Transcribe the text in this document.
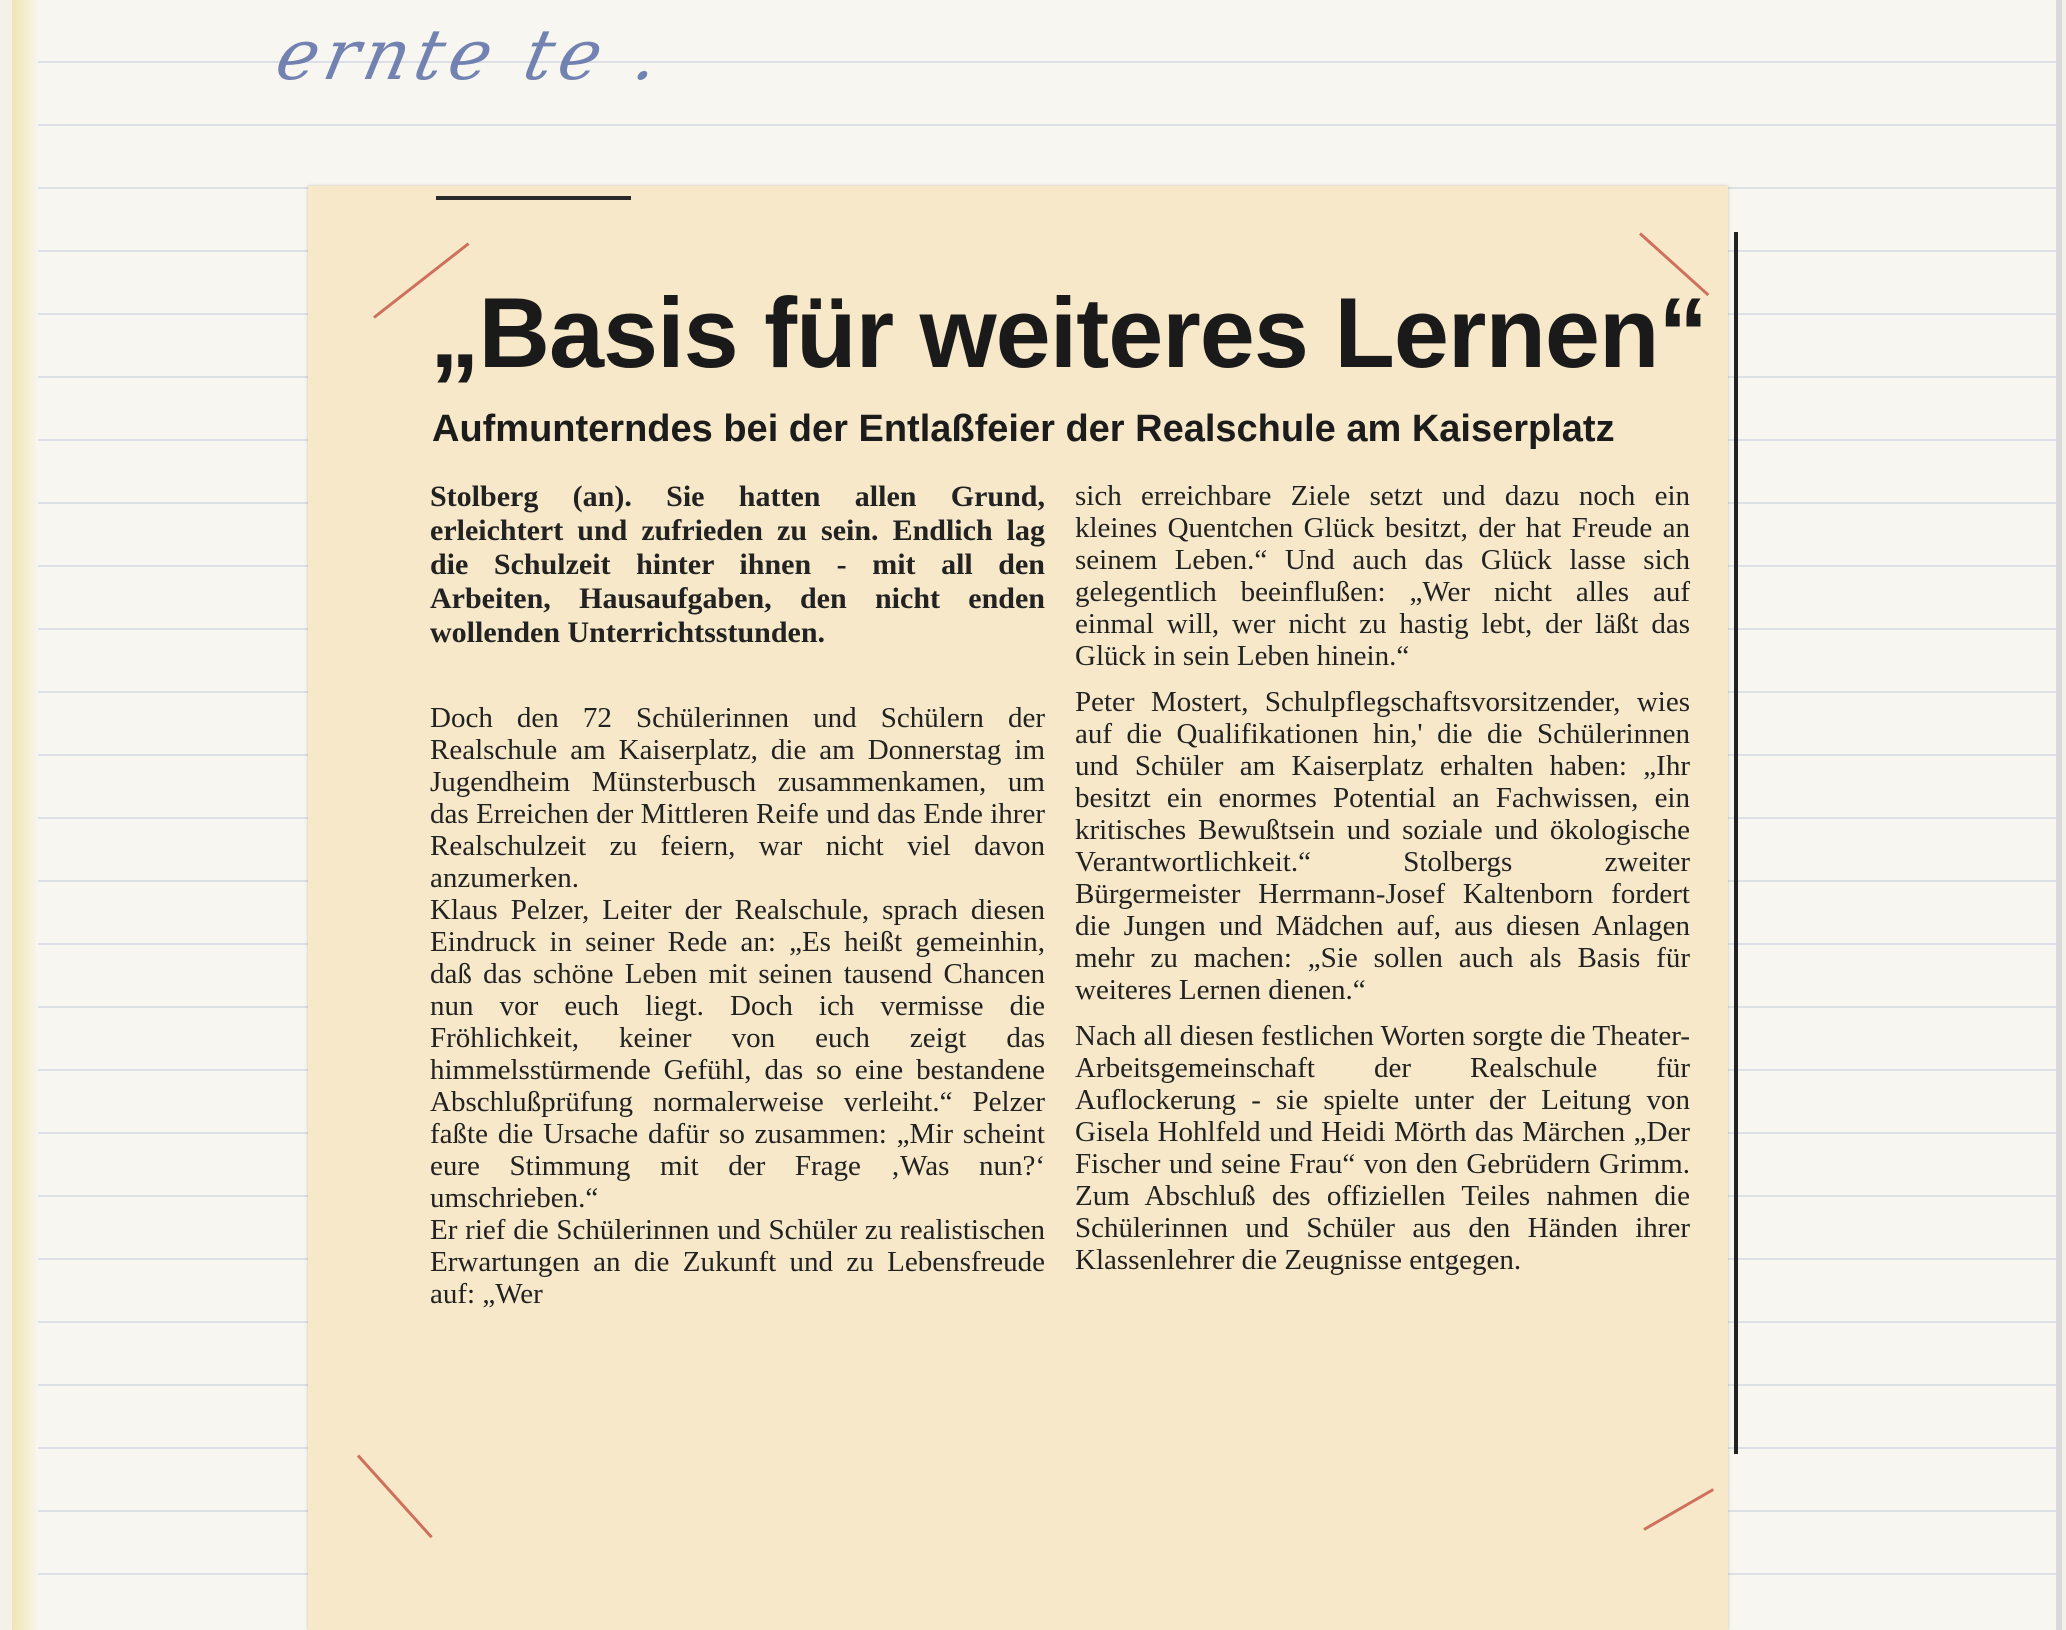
ernte te .
„Basis für weiteres Lernen“
Aufmunterndes bei der Entlaßfeier der Realschule am Kaiserplatz

Stolberg (an). Sie hatten allen Grund, erleichtert und zufrieden zu sein. Endlich lag die Schulzeit hinter ihnen - mit all den Arbeiten, Hausaufgaben, den nicht enden wollenden Unterrichtsstunden.

Doch den 72 Schülerinnen und Schülern der Realschule am Kaiserplatz, die am Donnerstag im Jugendheim Münsterbusch zusammenkamen, um das Erreichen der Mittleren Reife und das Ende ihrer Realschulzeit zu feiern, war nicht viel davon anzumerken.

Klaus Pelzer, Leiter der Realschule, sprach diesen Eindruck in seiner Rede an: „Es heißt gemeinhin, daß das schöne Leben mit seinen tausend Chancen nun vor euch liegt. Doch ich vermisse die Fröhlichkeit, keiner von euch zeigt das himmelsstürmende Gefühl, das so eine bestandene Abschlußprüfung normalerweise verleiht.“ Pelzer faßte die Ursache dafür so zusammen: „Mir scheint eure Stimmung mit der Frage ‚Was nun?‘ umschrieben.“

Er rief die Schülerinnen und Schüler zu realistischen Erwartungen an die Zukunft und zu Lebensfreude auf: „Wer

sich erreichbare Ziele setzt und dazu noch ein kleines Quentchen Glück besitzt, der hat Freude an seinem Leben.“ Und auch das Glück lasse sich gelegentlich beeinflußen: „Wer nicht alles auf einmal will, wer nicht zu hastig lebt, der läßt das Glück in sein Leben hinein.“

Peter Mostert, Schulpflegschaftsvorsitzender, wies auf die Qualifikationen hin,' die die Schülerinnen und Schüler am Kaiserplatz erhalten haben: „Ihr besitzt ein enormes Potential an Fachwissen, ein kritisches Bewußtsein und soziale und ökologische Verantwortlichkeit.“ Stolbergs zweiter Bürgermeister Herrmann-Josef Kaltenborn fordert die Jungen und Mädchen auf, aus diesen Anlagen mehr zu machen: „Sie sollen auch als Basis für weiteres Lernen dienen.“

Nach all diesen festlichen Worten sorgte die Theater-Arbeitsgemeinschaft der Realschule für Auflockerung - sie spielte unter der Leitung von Gisela Hohlfeld und Heidi Mörth das Märchen „Der Fischer und seine Frau“ von den Gebrüdern Grimm. Zum Abschluß des offiziellen Teiles nahmen die Schülerinnen und Schüler aus den Händen ihrer Klassenlehrer die Zeugnisse entgegen.
